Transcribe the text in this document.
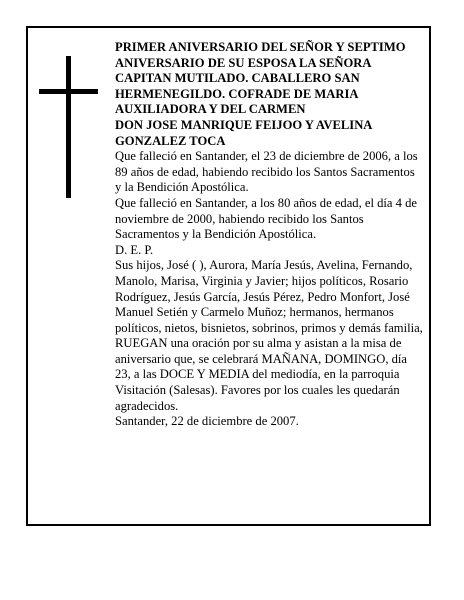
PRIMER ANIVERSARIO DEL SEÑOR Y SEPTIMO ANIVERSARIO DE SU ESPOSA LA SEÑORA CAPITAN MUTILADO. CABALLERO SAN HERMENEGILDO. COFRADE DE MARIA AUXILIADORA Y DEL CARMEN

DON JOSE MANRIQUE FEIJOO Y AVELINA GONZALEZ TOCA

Que falleció en Santander, el 23 de diciembre de 2006, a los 89 años de edad, habiendo recibido los Santos Sacramentos y la Bendición Apostólica.

Que falleció en Santander, a los 80 años de edad, el día 4 de noviembre de 2000, habiendo recibido los Santos Sacramentos y la Bendición Apostólica.

D. E. P.

Sus hijos, José ( ), Aurora, María Jesús, Avelina, Fernando, Manolo, Marisa, Virginia y Javier; hijos políticos, Rosario Rodríguez, Jesús García, Jesús Pérez, Pedro Monfort, José Manuel Setién y Carmelo Muñoz; hermanos, hermanos políticos, nietos, bisnietos, sobrinos, primos y demás familia,

RUEGAN una oración por su alma y asistan a la misa de aniversario que, se celebrará MAÑANA, DOMINGO, día 23, a las DOCE Y MEDIA del mediodía, en la parroquia Visitación (Salesas). Favores por los cuales les quedarán agradecidos.

Santander, 22 de diciembre de 2007.
